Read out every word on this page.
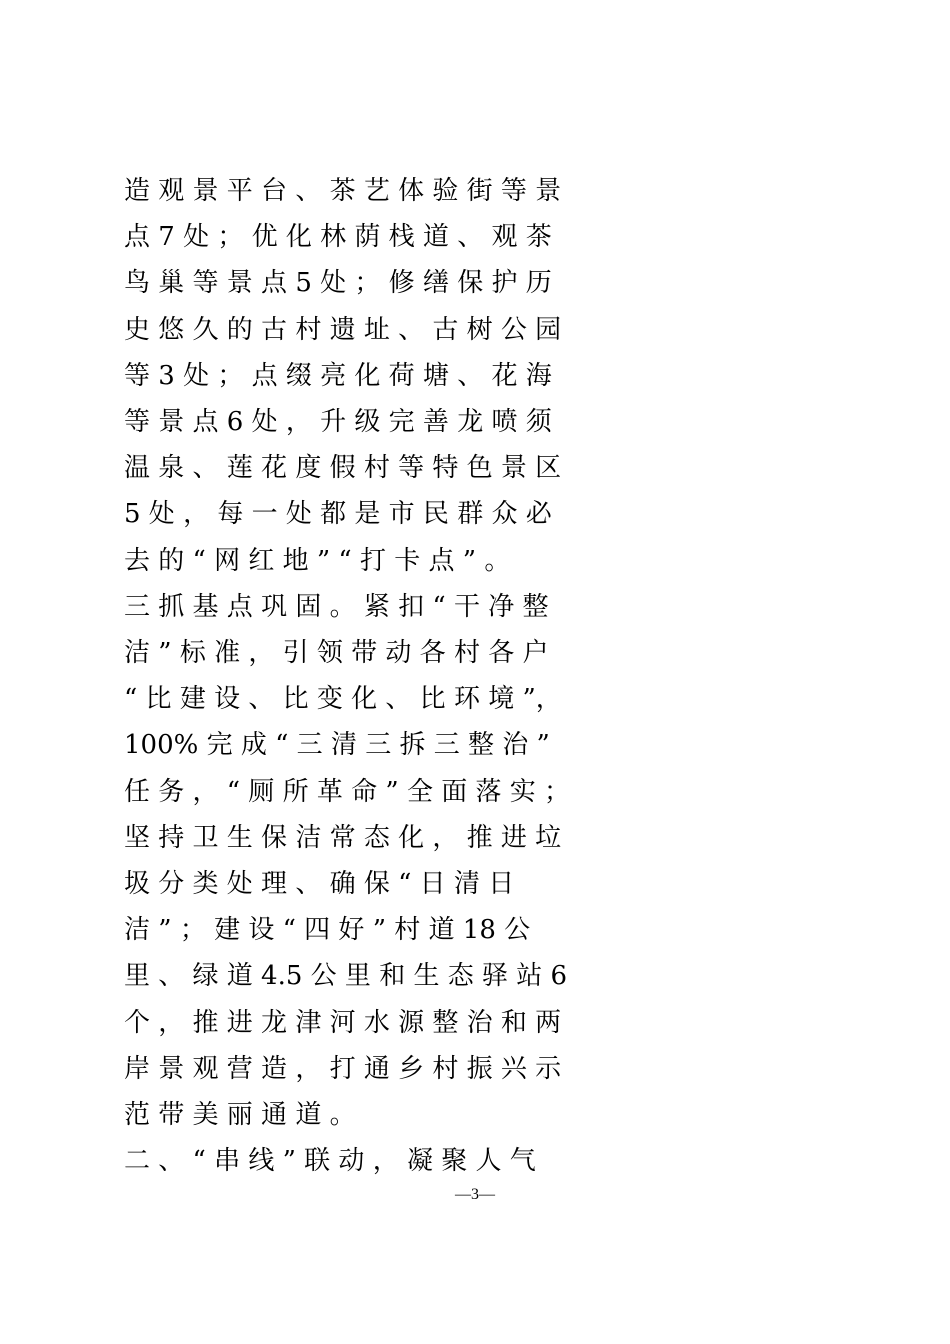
造 观 景 平 台 、 茶 艺 体 验 街 等 景
点 7 处 ； 优 化 林 荫 栈 道 、 观 茶
鸟 巢 等 景 点 5 处 ； 修 缮 保 护 历
史 悠 久 的 古 村 遗 址 、 古 树 公 园
等 3 处 ； 点 缀 亮 化 荷 塘 、 花 海
等 景 点 6 处 ， 升 级 完 善 龙 喷 须
温 泉 、 莲 花 度 假 村 等 特 色 景 区
5 处 ， 每 一 处 都 是 市 民 群 众 必
去 的 “ 网 红 地 ” “ 打 卡 点 ” 。
三 抓 基 点 巩 固 。 紧 扣 “ 干 净 整
洁 ” 标 准 ， 引 领 带 动 各 村 各 户
“ 比 建 设 、 比 变 化 、 比 环 境 ”，
100% 完 成 “ 三 清 三 拆 三 整 治 ”
任 务 ， “ 厕 所 革 命 ” 全 面 落 实 ；
坚 持 卫 生 保 洁 常 态 化 ， 推 进 垃
圾 分 类 处 理 、 确 保 “ 日 清 日
洁 ” ； 建 设 “ 四 好 ” 村 道 18 公
里 、 绿 道 4.5 公 里 和 生 态 驿 站 6
个 ， 推 进 龙 津 河 水 源 整 治 和 两
岸 景 观 营 造 ， 打 通 乡 村 振 兴 示
范 带 美 丽 通 道 。
二 、 “ 串 线 ” 联 动 ， 凝 聚 人 气
—3—
